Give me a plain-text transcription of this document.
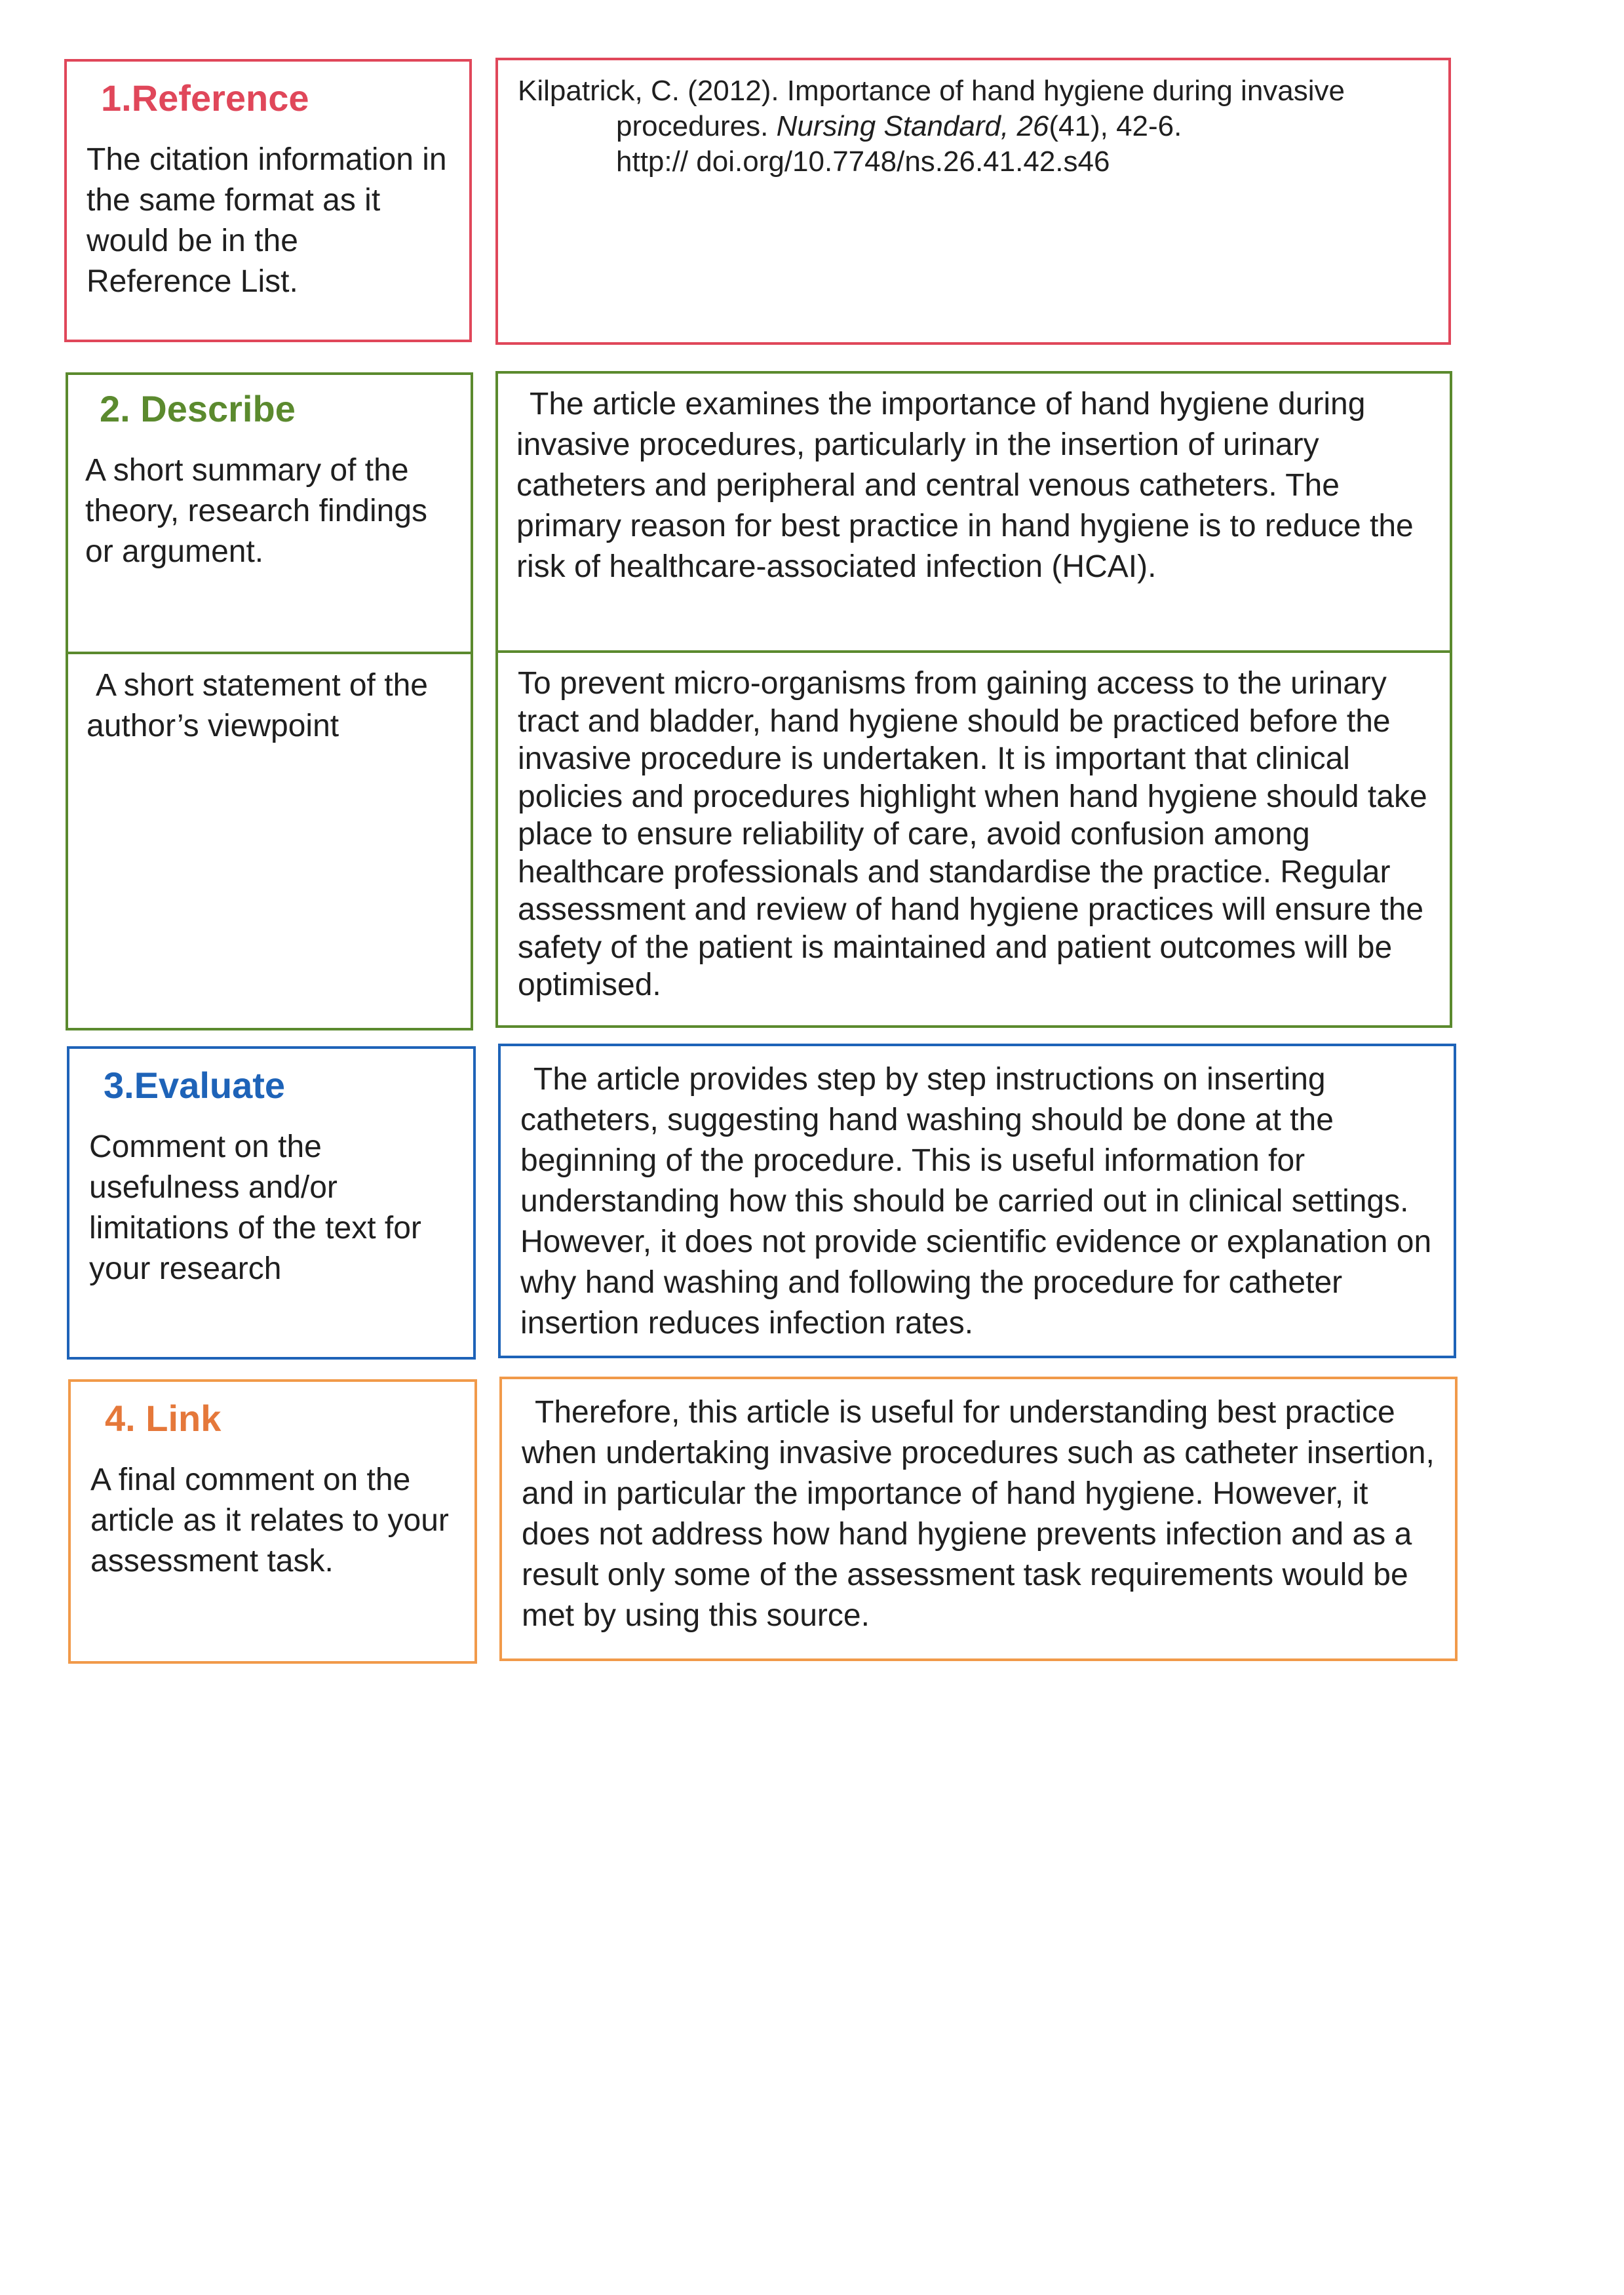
1.Reference

The citation information in the same format as it would be in the Reference List.

Kilpatrick, C. (2012). Importance of hand hygiene during invasive

procedures. Nursing Standard, 26(41), 42-6.

http:// doi.org/10.7748/ns.26.41.42.s46

2. Describe

A short summary of the theory, research findings or argument.

A short statement of the author’s viewpoint

The article examines the importance of hand hygiene during invasive procedures, particularly in the insertion of urinary catheters and peripheral and central venous catheters. The primary reason for best practice in hand hygiene is to reduce the risk of healthcare-associated infection (HCAI).

To prevent micro-organisms from gaining access to the urinary tract and bladder, hand hygiene should be practiced before the invasive procedure is undertaken. It is important that clinical policies and procedures highlight when hand hygiene should take place to ensure reliability of care, avoid confusion among healthcare professionals and standardise the practice. Regular assessment and review of hand hygiene practices will ensure the safety of the patient is maintained and patient outcomes will be optimised.

3.Evaluate

Comment on the usefulness and/or limitations of the text for your research

The article provides step by step instructions on inserting catheters, suggesting hand washing should be done at the beginning of the procedure. This is useful information for understanding how this should be carried out in clinical settings. However, it does not provide scientific evidence or explanation on why hand washing and following the procedure for catheter insertion reduces infection rates.

4. Link

A final comment on the article as it relates to your assessment task.

Therefore, this article is useful for understanding best practice when undertaking invasive procedures such as catheter insertion, and in particular the importance of hand hygiene. However, it does not address how hand hygiene prevents infection and as a result only some of the assessment task requirements would be met by using this source.
